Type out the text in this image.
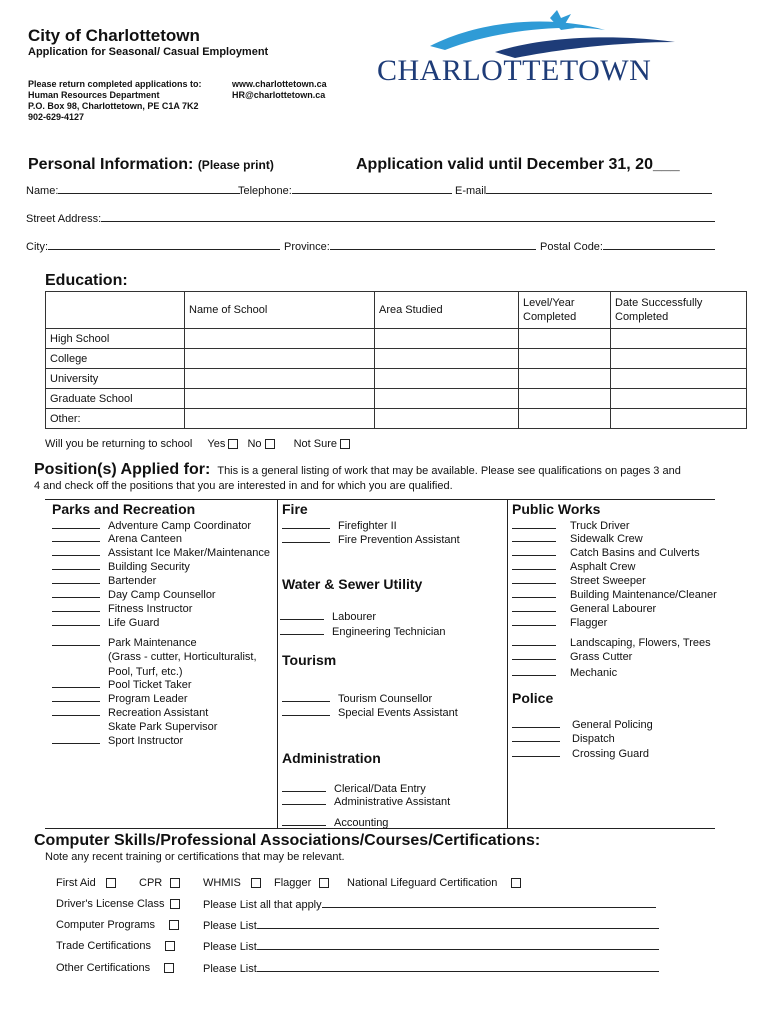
City of Charlottetown
Application for Seasonal/ Casual Employment
Please return completed applications to:
Human Resources Department
P.O. Box 98, Charlottetown, PE C1A 7K2
902-629-4127
www.charlottetown.ca
HR@charlottetown.ca
CHARLOTTETOWN
Personal Information: (Please print)	Application valid until December 31, 20___
Name:	Telephone:	E-mail
Street Address:
City:	Province:	Postal Code:
Education:
	Name of School	Area Studied	Level/Year Completed	Date Successfully Completed
High School				
College				
University				
Graduate School				
Other:				
Will you be returning to school Yes No	Not Sure
Position(s) Applied for: This is a general listing of work that may be available. Please see qualifications on pages 3 and
4 and check off the positions that you are interested in and for which you are qualified.
Parks and Recreation
Adventure Camp Coordinator
Arena Canteen
Assistant Ice Maker/Maintenance
Building Security
Bartender
Day Camp Counsellor
Fitness Instructor
Life Guard
Park Maintenance
(Grass - cutter, Horticulturalist,
Pool, Turf, etc.)
Pool Ticket Taker
Program Leader
Recreation Assistant
Skate Park Supervisor
Sport Instructor
Fire
Firefighter II
Fire Prevention Assistant
Water & Sewer Utility
Labourer
Engineering Technician
Tourism
Tourism Counsellor
Special Events Assistant
Administration
Clerical/Data Entry
Administrative Assistant
Accounting
Public Works
Truck Driver
Sidewalk Crew
Catch Basins and Culverts
Asphalt Crew
Street Sweeper
Building Maintenance/Cleaner
General Labourer
Flagger
Landscaping, Flowers, Trees
Grass Cutter
Mechanic
Police
General Policing
Dispatch
Crossing Guard
Computer Skills/Professional Associations/Courses/Certifications:
Note any recent training or certifications that may be relevant.
First Aid	CPR	WHMIS	Flagger	National Lifeguard Certification
Driver's License Class	Please List all that apply
Computer Programs	Please List
Trade Certifications	Please List
Other Certifications	Please List
